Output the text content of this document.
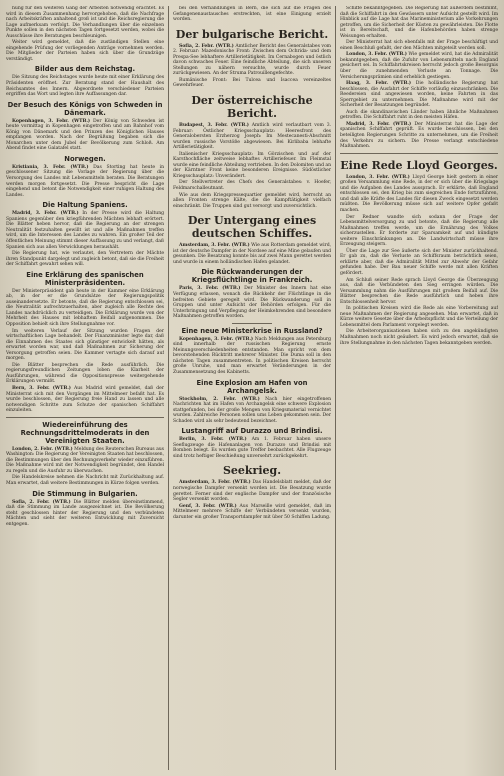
hung für den weiteren Gang der Arbeiten notwendig erachtet. Es wird in diesem Zusammenhang hervorgehoben, daß die Nachfrage nach Arbeitskräften anhaltend groß ist und die Reichsregierung die Lage aufmerksam verfolgt. Die Verhandlungen über die einzelnen Punkte sollen in den nächsten Tagen fortgesetzt werden, wobei die Ausschüsse ihre Beratungen beschleunigen.

Weiter wird gemeldet, daß die zuständigen Stellen eine eingehende Prüfung der vorliegenden Anträge vornehmen werden. Die Mitglieder der Parteien haben sich über die Grundzüge verständigt.

Bilder aus dem Reichstag.

Die Sitzung des Reichstages wurde heute mit einer Erklärung des Präsidenten eröffnet. Zur Beratung stand der Haushalt des Reichsamtes des Innern. Abgeordnete verschiedener Parteien ergriffen das Wort und legten ihre Auffassungen dar.

Der Besuch des Königs von Schweden in Dänemark.

Kopenhagen, 3. Febr. (WTB.) Der König von Schweden ist heute vormittag in Kopenhagen eingetroffen und am Bahnhof vom König von Dänemark und den Prinzen des Königlichen Hauses empfangen worden. Nach der Begrüßung begaben sich die Monarchen unter dem Jubel der Bevölkerung zum Schloß. Am Abend findet eine Galatafel statt.

Norwegen.

Kristiania, 3. Febr. (WTB.) Das Storting hat heute in geschlossener Sitzung die Vorlage der Regierung über die Versorgung des Landes mit Lebensmitteln beraten. Die Beratungen werden morgen fortgesetzt. Die Presse bespricht die Lage eingehend und betont die Notwendigkeit einer ruhigen Haltung des Landes.

Die Haltung Spaniens.

Madrid, 3. Febr. (WTB.) In der Presse wird die Haltung Spaniens gegenüber den kriegführenden Mächten lebhaft erörtert. Die Blätter heben hervor, daß die Regierung an der strengen Neutralität festzuhalten gewillt ist und alle Maßnahmen treffen wird, um die Interessen des Landes zu wahren. Ein großer Teil der öffentlichen Meinung stimmt dieser Auffassung zu und verlangt, daß Spanien sich aus allen Verwicklungen heraushält.

Die Regierung hat, wie verlautet, den Vertretern der Mächte ihren Standpunkt dargelegt und zugleich betont, daß sie die Freiheit der Schiffahrt gewahrt sehen will.

Eine Erklärung des spanischen Ministerpräsidenten.

Der Ministerpräsident gab heute in der Kammer eine Erklärung ab, in der er die Grundsätze der Regierungspolitik auseinandersetzte. Er betonte, daß die Regierung entschlossen sei, die Neutralität aufrechtzuerhalten, aber zugleich alle Rechte des Landes nachdrücklich zu verteidigen. Die Erklärung wurde von der Mehrheit des Hauses mit lebhaftem Beifall aufgenommen. Die Opposition behielt sich ihre Stellungnahme vor.

Im weiteren Verlauf der Sitzung wurden Fragen der wirtschaftlichen Lage behandelt. Der Finanzminister legte dar, daß die Einnahmen des Staates sich günstiger entwickelt hätten, als erwartet worden war, und daß Maßnahmen zur Sicherung der Versorgung getroffen seien. Die Kammer vertagte sich darauf auf morgen.

Die Blätter besprechen die Rede ausführlich. Die regierungsfreundlichen Zeitungen loben die Klarheit der Ausführungen, während die Oppositionspresse weitergehende Erklärungen vermißt.

Bern, 3. Febr. (WTB.) Aus Madrid wird gemeldet, daß der Ministerrat sich mit den Vorgängen im Mittelmeer befaßt hat. Es wurde beschlossen, der Regierung freie Hand zu lassen und alle notwendigen Schritte zum Schutze der spanischen Schiffahrt einzuleiten.

Wiedereinführung des Rechnungsdrittelmoderats in den Vereinigten Staaten.

London, 2. Febr. (WTB.) Meldung des Reuterschen Bureaus aus Washington: Die Regierung der Vereinigten Staaten hat beschlossen, die Bestimmungen über den Rechnungsverkehr wieder einzuführen. Die Maßnahme wird mit der Notwendigkeit begründet, den Handel zu regeln und die Ausfuhr zu überwachen.

Die Handelskreise nehmen die Nachricht mit Zurückhaltung auf. Man erwartet, daß weitere Bestimmungen in Kürze folgen werden.

Die Stimmung in Bulgarien.

Sofia, 2. Febr. (WTB.) Die Blätter melden übereinstimmend, daß die Stimmung im Lande ausgezeichnet ist. Die Bevölkerung steht geschlossen hinter der Regierung und den verbündeten Mächten und sieht der weiteren Entwicklung mit Zuversicht entgegen.

bei den Verhandlungen in Bern, die sich auf die Fragen des Gefangenenaustausches erstreckten, ist eine Einigung erzielt worden.

Der bulgarische Bericht.

Sofia, 2. Febr. (WTB.) Amtlicher Bericht des Generalstabes vom 2. Februar: Mazedonische Front: Zwischen dem Ochrida- und dem Prespa-See lebhaftere Artillerietätigkeit. Im Cernabogen und östlich davon schwaches Feuer. Eine feindliche Abteilung, die sich unseren Stellungen zu nähern versuchte, wurde durch Feuer zurückgewiesen. An der Struma Patrouillengefechte.

Rumänische Front: Bei Tulcea und Isaccea vereinzeltes Gewehrfeuer.

Der österreichische Bericht.

Budapest, 3. Febr. (WTB.) Amtlich wird verlautbart vom 3. Februar: Östlicher Kriegsschauplatz: Heeresfront des Generalobersten Erzherzog Joseph: Im Mestecanesti-Abschnitt wurden russische Vorstöße abgewiesen. Bei Kirlibaba lebhafte Artillerietätigkeit.

Italienischer Kriegsschauplatz: Im Görzischen und auf der Karsthochfläche zeitweise lebhaftes Artilleriefeuer. Im Fleimstal wurde eine feindliche Abteilung vertrieben. In den Dolomiten und an der Kärntner Front keine besonderen Ereignisse. Südöstlicher Kriegsschauplatz: Unverändert.

Der Stellvertreter des Chefs des Generalstabes: v. Hoefer, Feldmarschalleutnant.

Wie aus dem Kriegspressequartier gemeldet wird, herrscht an allen Fronten strenge Kälte, die die Kampftätigkeit vielfach einschränkt. Die Truppen sind gut versorgt und zuversichtlich.

Der Untergang eines deutschen Schiffes.

Amsterdam, 3. Febr. (WTB.) Wie aus Rotterdam gemeldet wird, ist der deutsche Dampfer in der Nordsee auf eine Mine gelaufen und gesunken. Die Besatzung konnte bis auf zwei Mann gerettet werden und wurde in einem holländischen Hafen gelandet.

Die Rückwanderungen der Kriegsflüchtlinge in Frankreich.

Paris, 3. Febr. (WTB.) Der Minister des Innern hat eine Verfügung erlassen, wonach die Rückkehr der Flüchtlinge in die befreiten Gebiete geregelt wird. Die Rückwanderung soll in Gruppen und unter Aufsicht der Behörden erfolgen. Für die Unterbringung und Verpflegung der Heimkehrenden sind besondere Maßnahmen getroffen worden.

Eine neue Ministerkrise in Russland?

Kopenhagen, 3. Febr. (WTB.) Nach Meldungen aus Petersburg sind innerhalb der russischen Regierung ernste Meinungsverschiedenheiten entstanden. Man spricht von dem bevorstehenden Rücktritt mehrerer Minister. Die Duma soll in den nächsten Tagen zusammentreten. In politischen Kreisen herrscht große Unruhe, und man erwartet Veränderungen in der Zusammensetzung des Kabinetts.

Eine Explosion am Hafen von Archangelsk.

Stockholm, 2. Febr. (WTB.) Nach hier eingetroffenen Nachrichten hat im Hafen von Archangelsk eine schwere Explosion stattgefunden, bei der große Mengen von Kriegsmaterial vernichtet wurden. Zahlreiche Personen sollen ums Leben gekommen sein. Der Schaden wird als sehr bedeutend bezeichnet.

Lustangriff auf Durazzo und Brindisi.

Berlin, 3. Febr. (WTB.) Am 1. Februar haben unsere Seeflugzeuge die Hafenanlagen von Durazzo und Brindisi mit Bomben belegt. Es wurden gute Treffer beobachtet. Alle Flugzeuge sind trotz heftiger Beschießung unversehrt zurückgekehrt.

Seekrieg.

Amsterdam, 3. Febr. (WTB.) Das Handelsblatt meldet, daß der norwegische Dampfer versenkt worden ist. Die Besatzung wurde gerettet. Ferner sind der englische Dampfer und der französische Segler versenkt worden.

Genf, 3. Febr. (WTB.) Aus Marseille wird gemeldet, daß im Mittelmeer mehrere Schiffe der Verbündeten versenkt wurden, darunter ein großer Transportdampfer mit über 50 Schiffen Ladung.

Schiffe bekanntgegeben. Die Regierung hat außerdem bestimmt, daß die Schiffahrt in den Gewässern unter Aufsicht gestellt wird. Im Hinblick auf die Lage hat das Marineministerium alle Vorkehrungen getroffen, um die Sicherheit der Küsten zu gewährleisten. Die Flotte ist in Bereitschaft, und die Hafenbehörden haben strenge Weisungen erhalten.

Der Ministerrat hat sich ebenfalls mit der Frage beschäftigt und einen Beschluß gefaßt, der den Mächten mitgeteilt werden soll.

London, 3. Febr. (WTB.) Wie gemeldet wird, hat die Admiralität bekanntgegeben, daß die Zufuhr von Lebensmitteln nach England gesichert sei. In Schiffahrtskreisen herrscht jedoch große Besorgnis über die zunehmenden Verluste an Tonnage. Die Versicherungsprämien sind erheblich gestiegen.

Haag, 3. Febr. (WTB.) Die holländische Regierung hat beschlossen, die Ausfahrt der Schiffe vorläufig einzuschränken. Die Reedereien sind angewiesen worden, keine Fahrten in das Sperrgebiet zu unternehmen. Die Maßnahme wird mit der Sicherheit der Besatzungen begründet.

Auch die skandinavischen Länder haben ähnliche Maßnahmen getroffen. Die Schiffahrt ruht in den meisten Häfen.

Madrid, 3. Febr. (WTB.) Der Ministerrat hat die Lage der spanischen Schiffahrt geprüft. Es wurde beschlossen, bei den beteiligten Regierungen Schritte zu unternehmen, um die Freiheit des Verkehrs zu sichern. Die Presse verlangt entschiedene Maßnahmen.

Eine Rede Lloyd Georges.

London, 3. Febr. (WTB.) Lloyd George hielt gestern in einer großen Versammlung eine Rede, in der er sich über die Kriegslage und die Aufgaben des Landes aussprach. Er erklärte, daß England entschlossen sei, den Krieg bis zum siegreichen Ende fortzuführen, und daß alle Kräfte des Landes für diesen Zweck eingesetzt werden müßten. Die Bevölkerung müsse sich auf weitere Opfer gefaßt machen.

Der Redner wandte sich sodann der Frage der Lebensmittelversorgung zu und betonte, daß die Regierung alle Maßnahmen treffen werde, um die Ernährung des Volkes sicherzustellen. Er forderte zur Sparsamkeit auf und kündigte weitere Einschränkungen an. Die Landwirtschaft müsse ihre Erzeugung steigern.

Über die Lage zur See äußerte sich der Minister zurückhaltend. Er gab zu, daß die Verluste an Schiffsraum beträchtlich seien, erklärte aber, daß die Admiralität Mittel zur Abwehr der Gefahr gefunden habe. Der Bau neuer Schiffe werde mit allen Kräften gefördert.

Am Schluß seiner Rede sprach Lloyd George die Überzeugung aus, daß die Verbündeten den Sieg erringen würden. Die Versammlung nahm die Ausführungen mit großem Beifall auf. Die Blätter besprechen die Rede ausführlich und heben ihre Entschlossenheit hervor.

In politischen Kreisen wird die Rede als eine Vorbereitung auf neue Maßnahmen der Regierung angesehen. Man erwartet, daß in Kürze weitere Gesetze über die Arbeitspflicht und die Verteilung der Lebensmittel dem Parlament vorgelegt werden.

Die Arbeiterorganisationen haben sich zu den angekündigten Maßnahmen noch nicht geäußert. Es wird jedoch erwartet, daß sie ihre Stellungnahme in den nächsten Tagen bekanntgeben werden.
